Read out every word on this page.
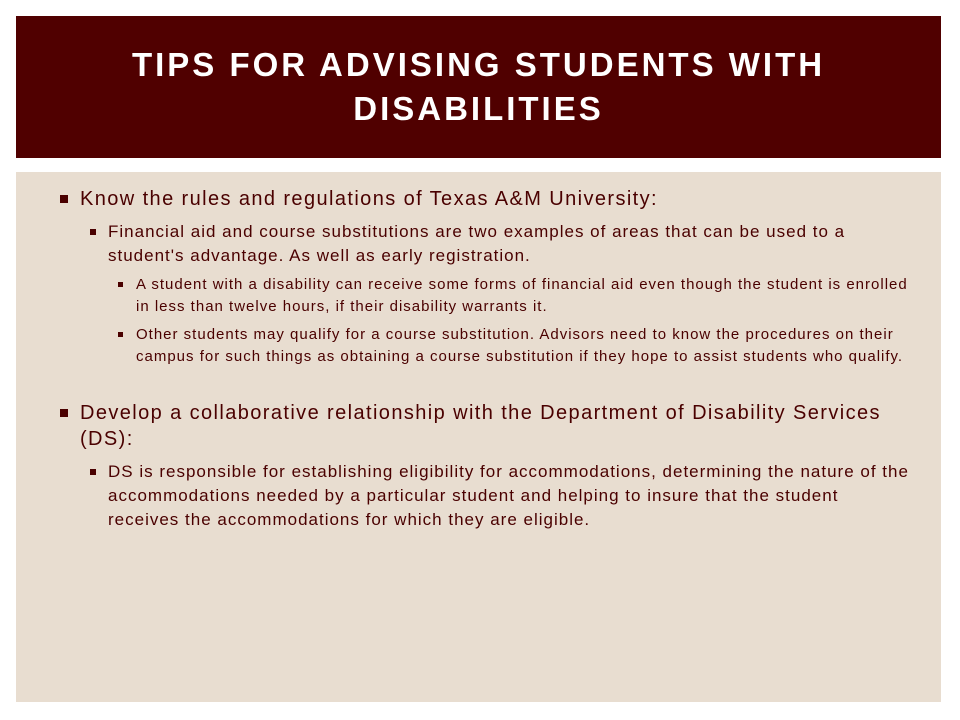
TIPS FOR ADVISING STUDENTS WITH DISABILITIES
Know the rules and regulations of Texas A&M University:
Financial aid and course substitutions are two examples of areas that can be used to a student's advantage. As well as early registration.
A student with a disability can receive some forms of financial aid even though the student is enrolled in less than twelve hours, if their disability warrants it.
Other students may qualify for a course substitution. Advisors need to know the procedures on their campus for such things as obtaining a course substitution if they hope to assist students who qualify.
Develop a collaborative relationship with the Department of Disability Services (DS):
DS is responsible for establishing eligibility for accommodations, determining the nature of the accommodations needed by a particular student and helping to insure that the student receives the accommodations for which they are eligible.
